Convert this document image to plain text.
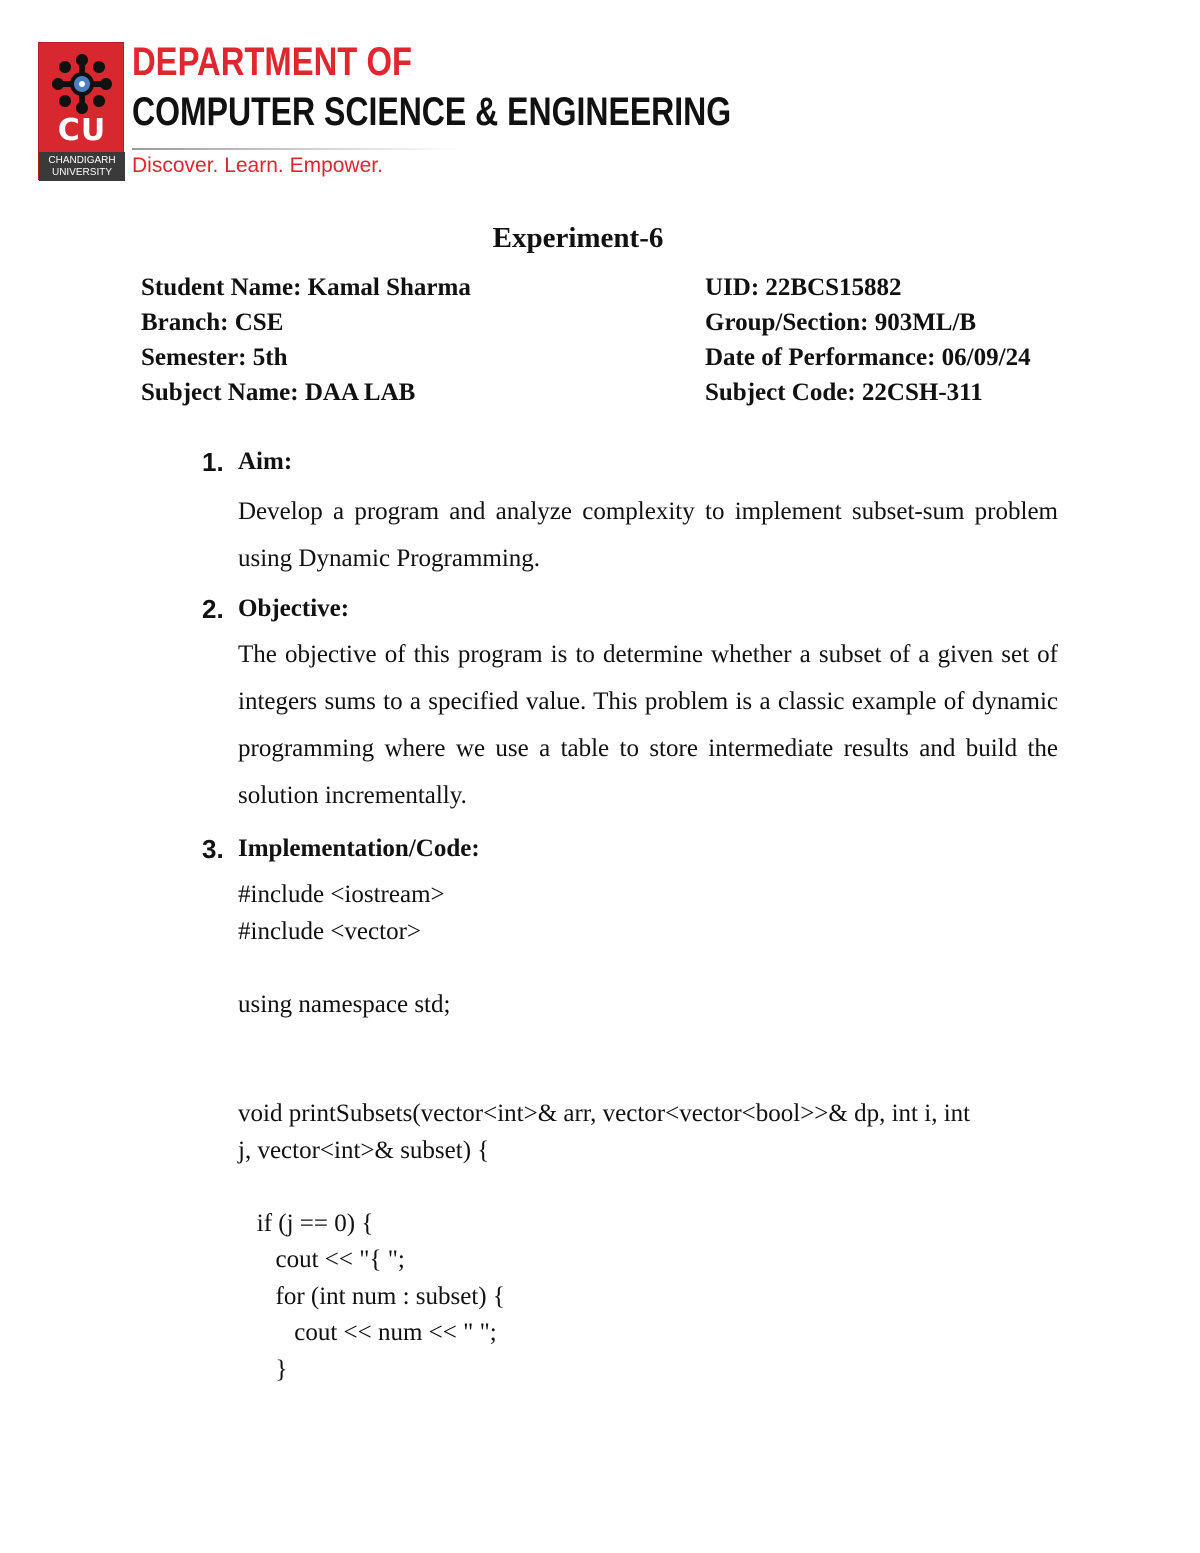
CU
CHANDIGARH
UNIVERSITY
DEPARTMENT OF
COMPUTER SCIENCE & ENGINEERING
Discover. Learn. Empower.
Experiment-6
Student Name: Kamal Sharma	UID: 22BCS15882
Branch: CSE	Group/Section: 903ML/B
Semester: 5th	Date of Performance: 06/09/24
Subject Name: DAA LAB	Subject Code: 22CSH-311
1. Aim:
Develop a program and analyze complexity to implement subset-sum problem using Dynamic Programming.
2. Objective:
The objective of this program is to determine whether a subset of a given set of integers sums to a specified value. This problem is a classic example of dynamic programming where we use a table to store intermediate results and build the solution incrementally.
3. Implementation/Code:
#include <iostream>
#include <vector>

using namespace std;

void printSubsets(vector<int>& arr, vector<vector<bool>>& dp, int i, int
j, vector<int>& subset) {

if (j == 0) {
cout << "{ ";
for (int num : subset) {
cout << num << " ";
}
